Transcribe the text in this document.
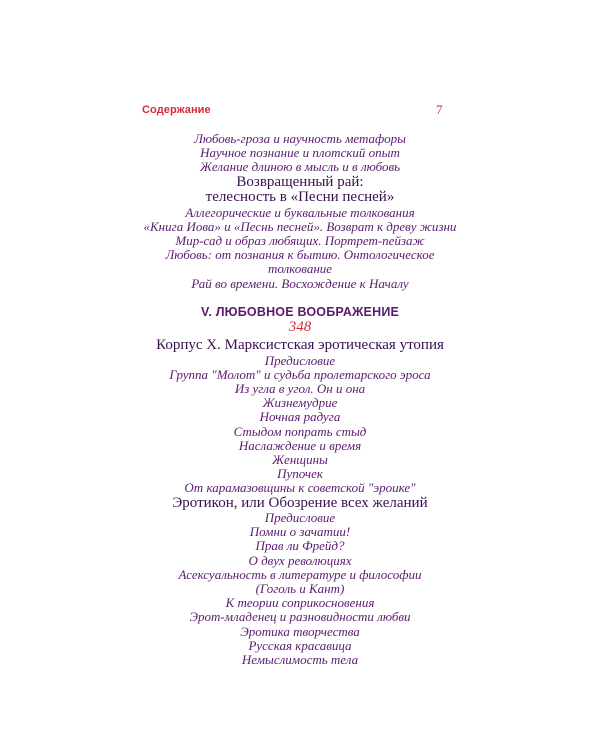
Содержание	7
Любовь-гроза и научность метафоры
Научное познание и плотский опыт
Желание длиною в мысль и в любовь
Возвращенный рай:
телесность в «Песни песней»
Аллегорические и буквальные толкования
«Книга Иова» и «Песнь песней». Возврат к древу жизни
Мир-сад и образ любящих. Портрет-пейзаж
Любовь: от познания к бытию. Онтологическое
толкование
Рай во времени. Восхождение к Началу
V. ЛЮБОВНОЕ ВООБРАЖЕНИЕ
348
Корпус X. Марксистская эротическая утопия
Предисловие
Группа "Молот" и судьба пролетарского эроса
Из угла в угол. Он и она
Жизнемудрие
Ночная радуга
Стыдом попрать стыд
Наслаждение и время
Женщины
Пупочек
От карамазовщины к советской "эроике"
Эротикон, или Обозрение всех желаний
Предисловие
Помни о зачатии!
Прав ли Фрейд?
О двух революциях
Асексуальность в литературе и философии
(Гоголь и Кант)
К теории соприкосновения
Эрот-младенец и разновидности любви
Эротика творчества
Русская красавица
Немыслимость тела
